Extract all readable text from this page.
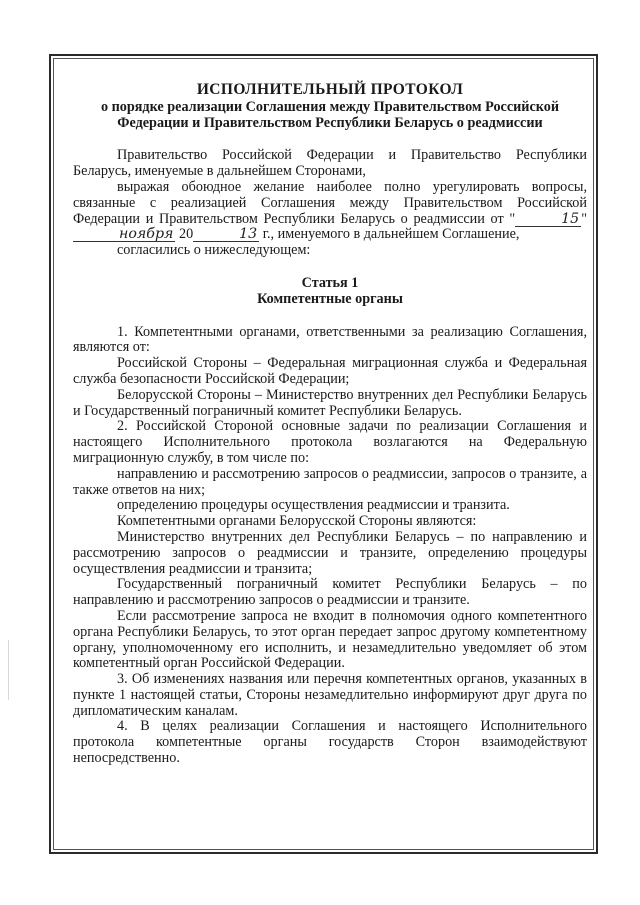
ИСПОЛНИТЕЛЬНЫЙ ПРОТОКОЛ
о порядке реализации Соглашения между Правительством Российской
Федерации и Правительством Республики Беларусь о реадмиссии

Правительство Российской Федерации и Правительство Республики Беларусь, именуемые в дальнейшем Сторонами,

выражая обоюдное желание наиболее полно урегулировать вопросы, связанные с реализацией Соглашения между Правительством Российской Федерации и Правительством Республики Беларусь о реадмиссии от "	15 " ноября 20	13 г., именуемого в дальнейшем Соглашение,

согласились о нижеследующем:

Статья 1
Компетентные органы

1. Компетентными органами, ответственными за реализацию Соглашения, являются от:

Российской Стороны – Федеральная миграционная служба и Федеральная служба безопасности Российской Федерации;

Белорусской Стороны – Министерство внутренних дел Республики Беларусь и Государственный пограничный комитет Республики Беларусь.

2. Российской Стороной основные задачи по реализации Соглашения и настоящего Исполнительного протокола возлагаются на Федеральную миграционную службу, в том числе по:

направлению и рассмотрению запросов о реадмиссии, запросов о транзите, а также ответов на них;

определению процедуры осуществления реадмиссии и транзита.

Компетентными органами Белорусской Стороны являются:

Министерство внутренних дел Республики Беларусь – по направлению и рассмотрению запросов о реадмиссии и транзите, определению процедуры осуществления реадмиссии и транзита;

Государственный пограничный комитет Республики Беларусь – по направлению и рассмотрению запросов о реадмиссии и транзите.

Если рассмотрение запроса не входит в полномочия одного компетентного органа Республики Беларусь, то этот орган передает запрос другому компетентному органу, уполномоченному его исполнить, и незамедлительно уведомляет об этом компетентный орган Российской Федерации.

3. Об изменениях названия или перечня компетентных органов, указанных в пункте 1 настоящей статьи, Стороны незамедлительно информируют друг друга по дипломатическим каналам.

4. В целях реализации Соглашения и настоящего Исполнительного протокола компетентные органы государств Сторон взаимодействуют непосредственно.
